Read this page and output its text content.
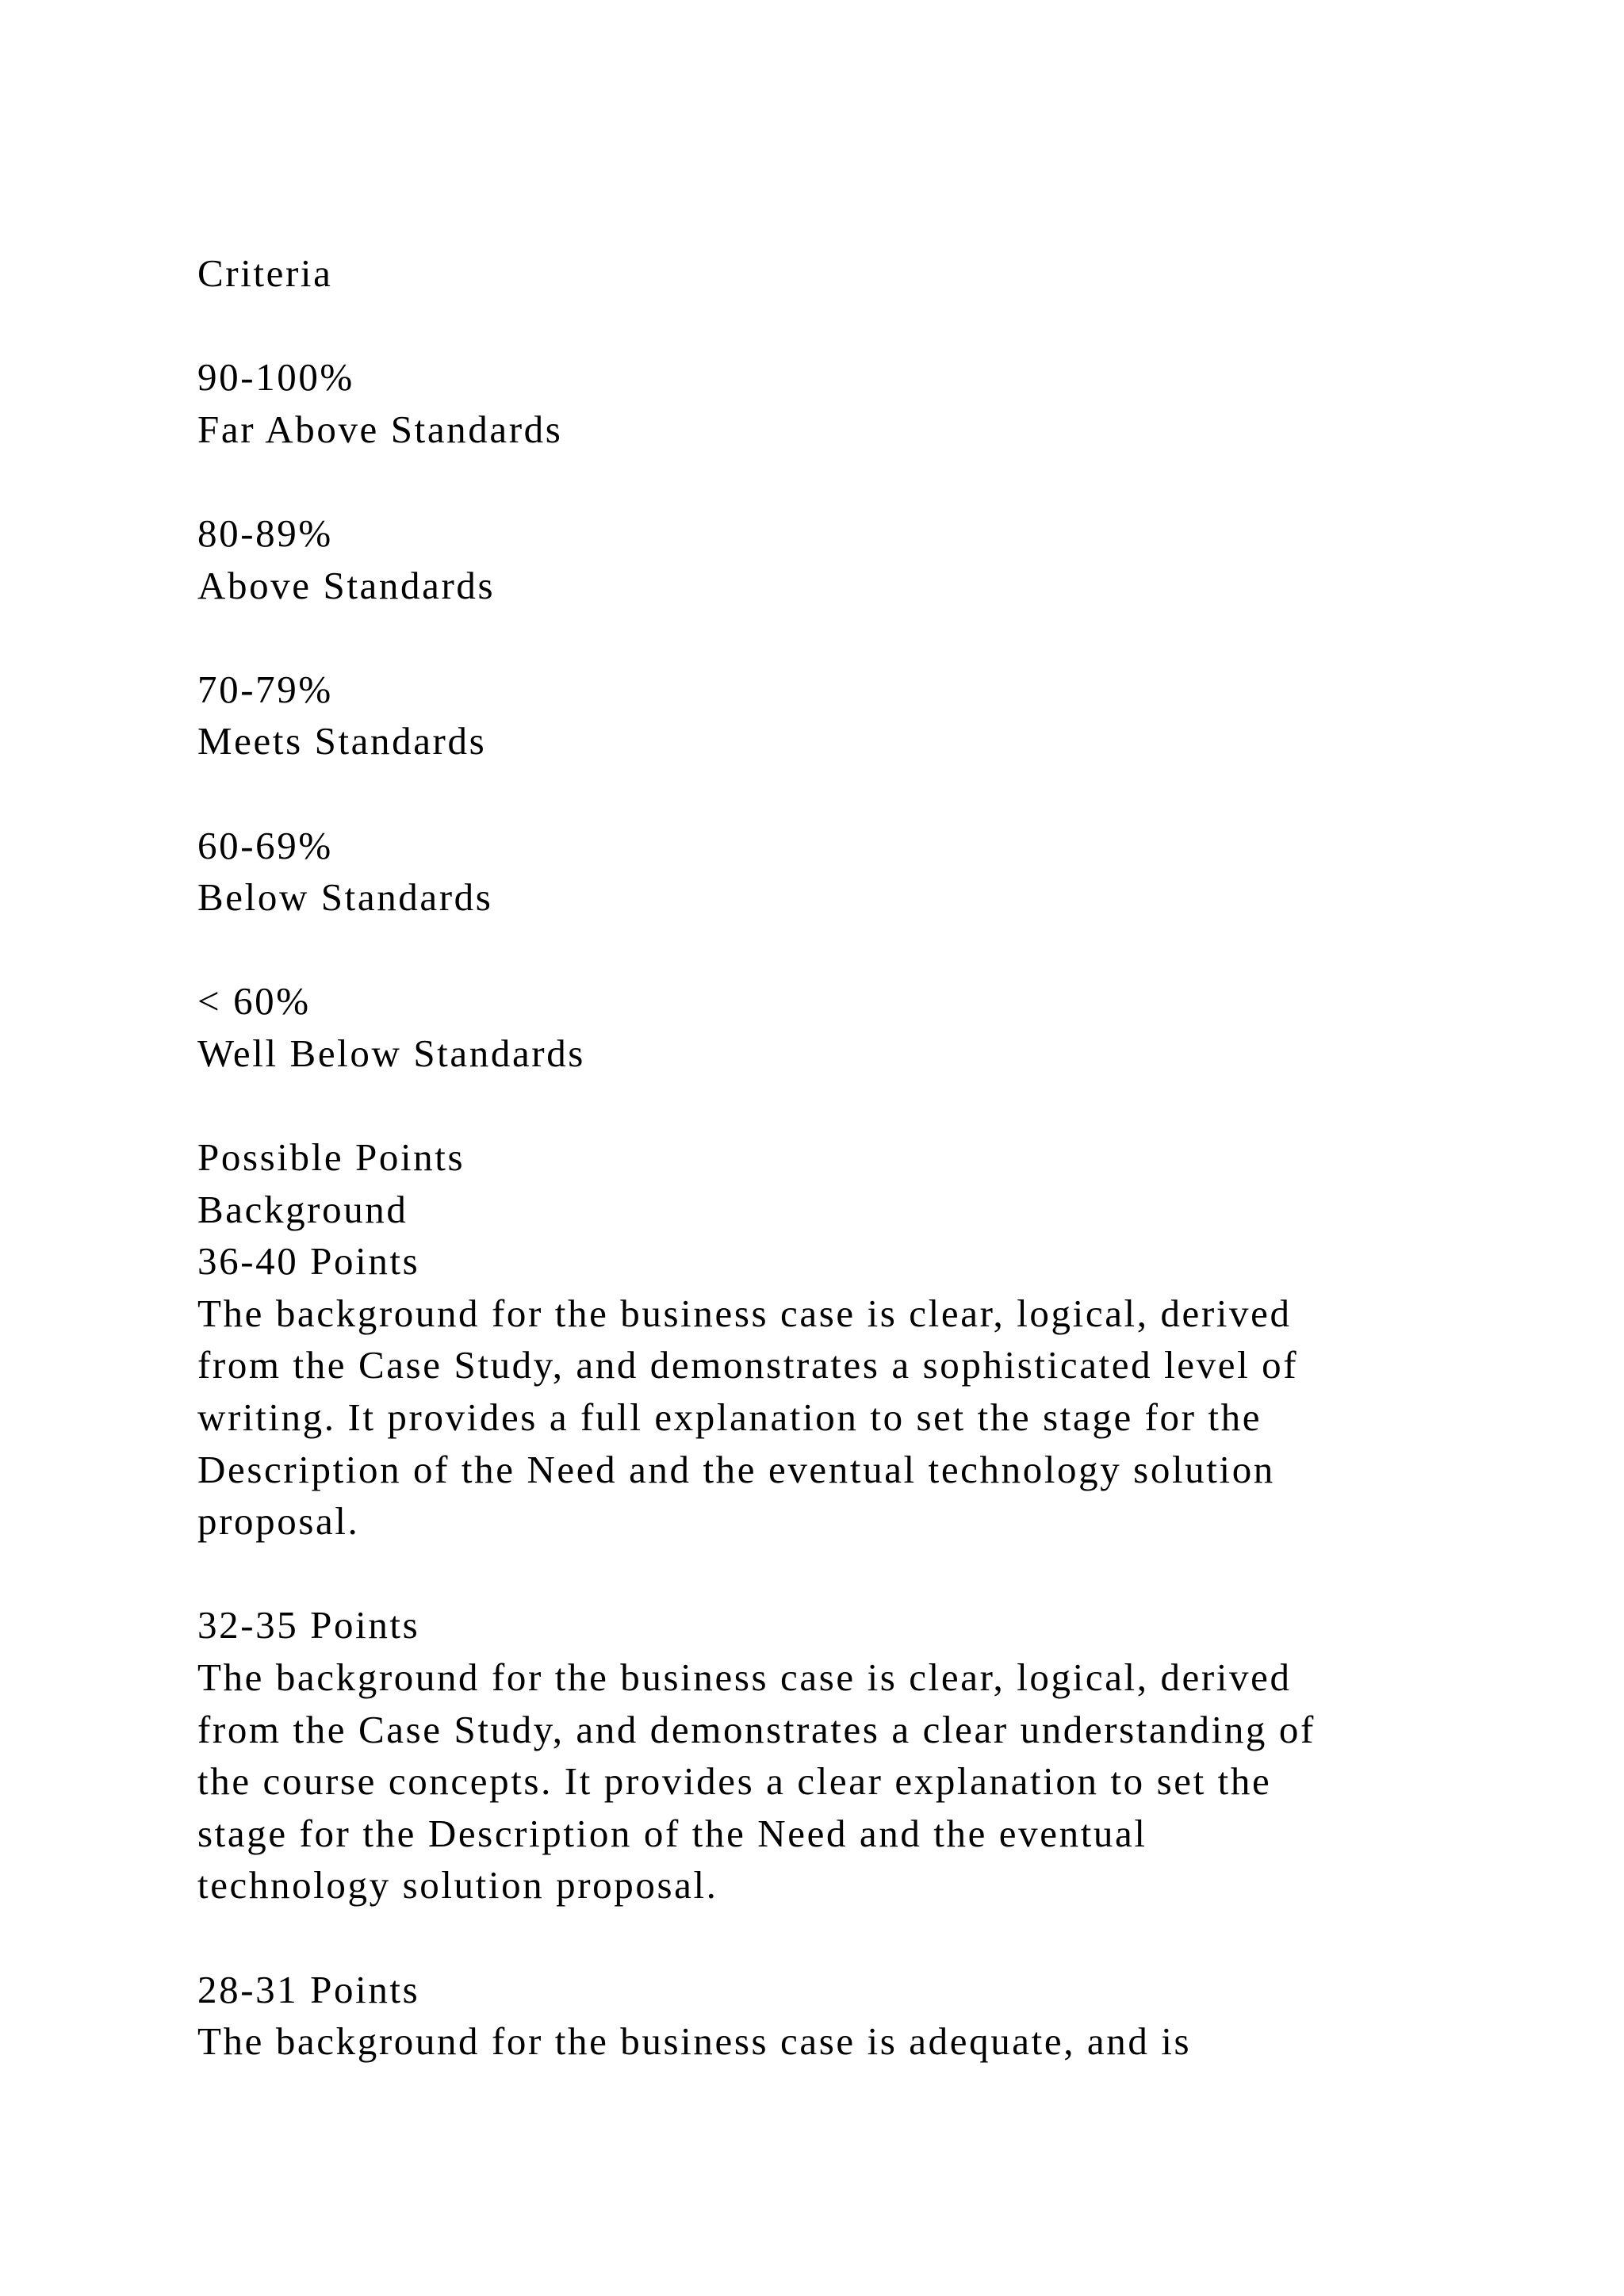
Criteria
90-100%
Far Above Standards
80-89%
Above Standards
70-79%
Meets Standards
60-69%
Below Standards
< 60%
Well Below Standards
Possible Points
Background
36-40 Points
The background for the business case is clear, logical, derived
from the Case Study, and demonstrates a sophisticated level of
writing. It provides a full explanation to set the stage for the
Description of the Need and the eventual technology solution
proposal.
32-35 Points
The background for the business case is clear, logical, derived
from the Case Study, and demonstrates a clear understanding of
the course concepts. It provides a clear explanation to set the
stage for the Description of the Need and the eventual
technology solution proposal.
28-31 Points
The background for the business case is adequate, and is
